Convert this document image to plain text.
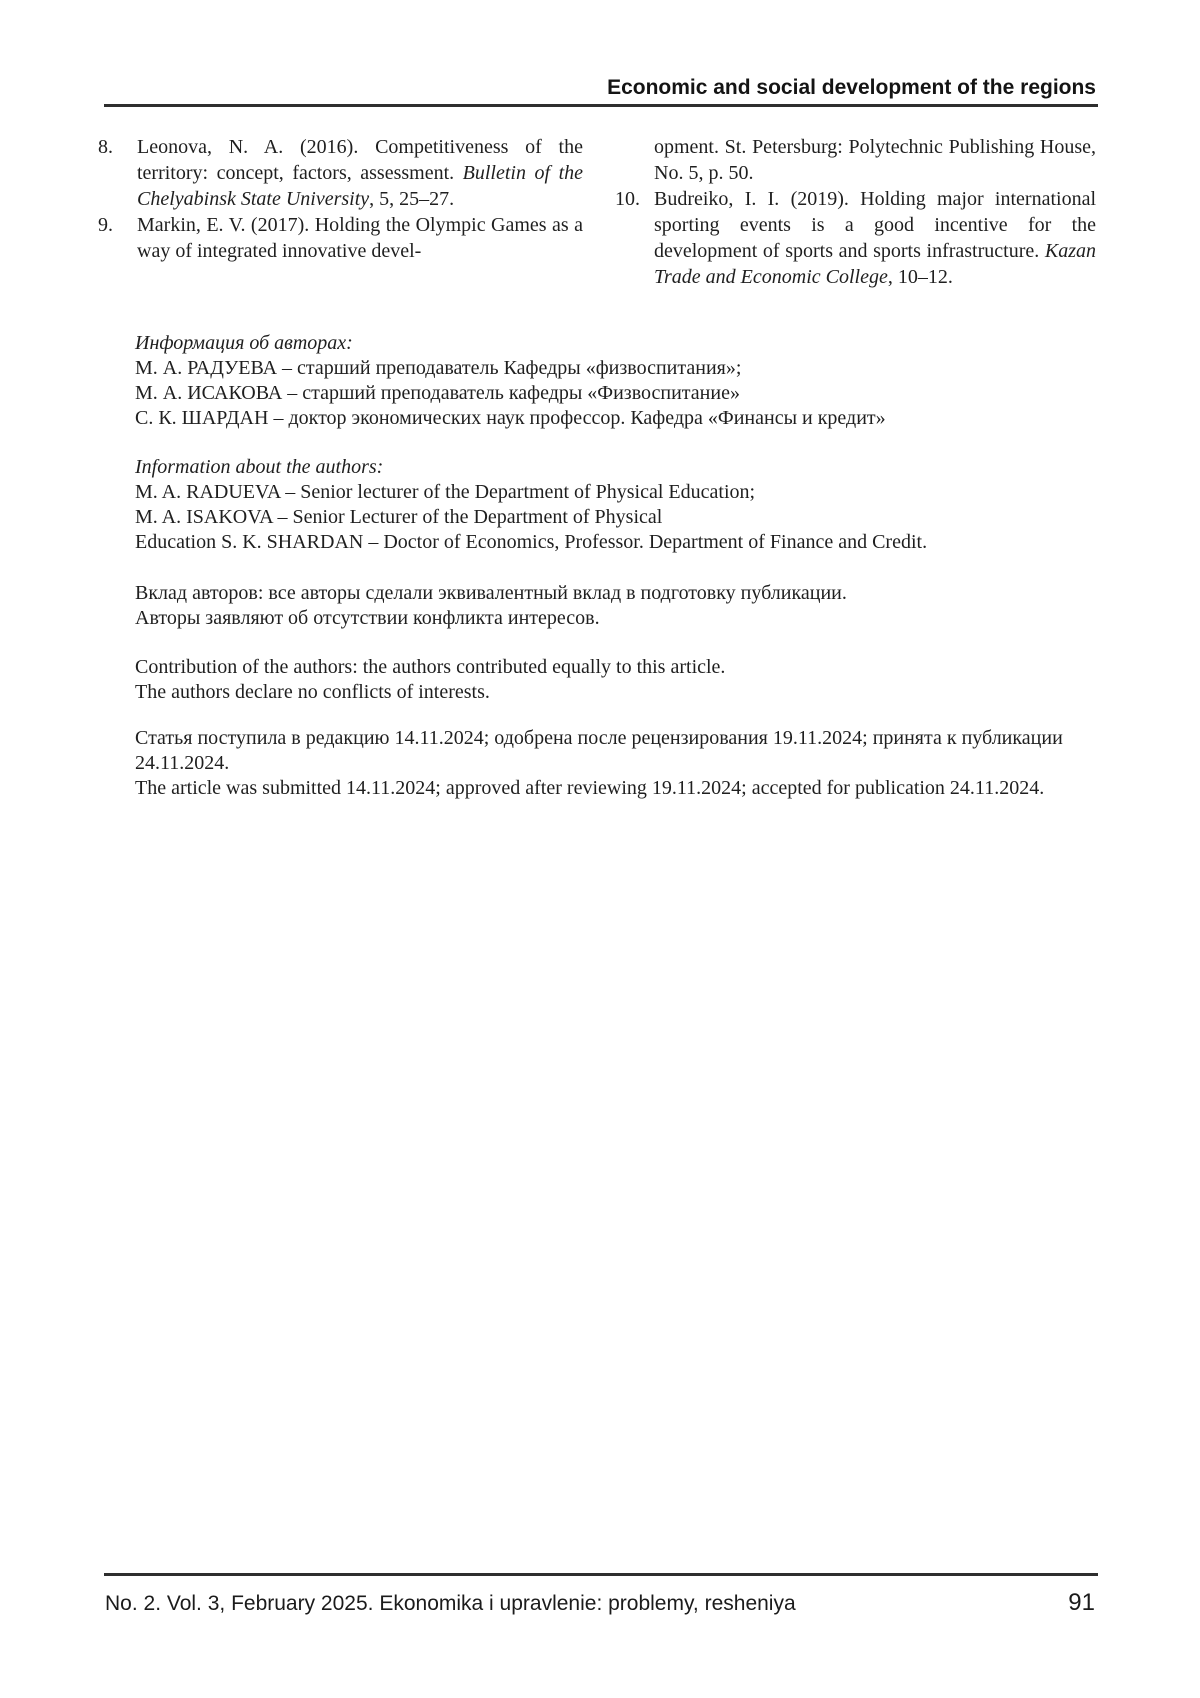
Economic and social development of the regions
8.	Leonova, N. A. (2016). Competitiveness of the territory: concept, factors, assessment. Bulletin of the Chelyabinsk State University, 5, 25–27.
9.	Markin, E. V. (2017). Holding the Olympic Games as a way of integrated innovative devel-
opment. St. Petersburg: Polytechnic Publishing House, No. 5, p. 50.
10. Budreiko, I. I. (2019). Holding major international sporting events is a good incentive for the development of sports and sports infrastructure. Kazan Trade and Economic College, 10–12.
Информация об авторах:
М. А. РАДУЕВА – старший преподаватель Кафедры «физвоспитания»;
М. А. ИСАКОВА – старший преподаватель кафедры «Физвоспитание»
С. К. ШАРДАН – доктор экономических наук профессор. Кафедра «Финансы и кредит»
Information about the authors:
M. A. RADUEVA – Senior lecturer of the Department of Physical Education;
M. A. ISAKOVA – Senior Lecturer of the Department of Physical
Education S. K. SHARDAN – Doctor of Economics, Professor. Department of Finance and Credit.
Вклад авторов: все авторы сделали эквивалентный вклад в подготовку публикации.
Авторы заявляют об отсутствии конфликта интересов.
Contribution of the authors: the authors contributed equally to this article.
The authors declare no conflicts of interests.
Статья поступила в редакцию 14.11.2024; одобрена после рецензирования 19.11.2024; принята к публикации
24.11.2024.
The article was submitted 14.11.2024; approved after reviewing 19.11.2024; accepted for publication 24.11.2024.
No. 2. Vol. 3, February 2025. Ekonomika i upravlenie: problemy, resheniya	91
